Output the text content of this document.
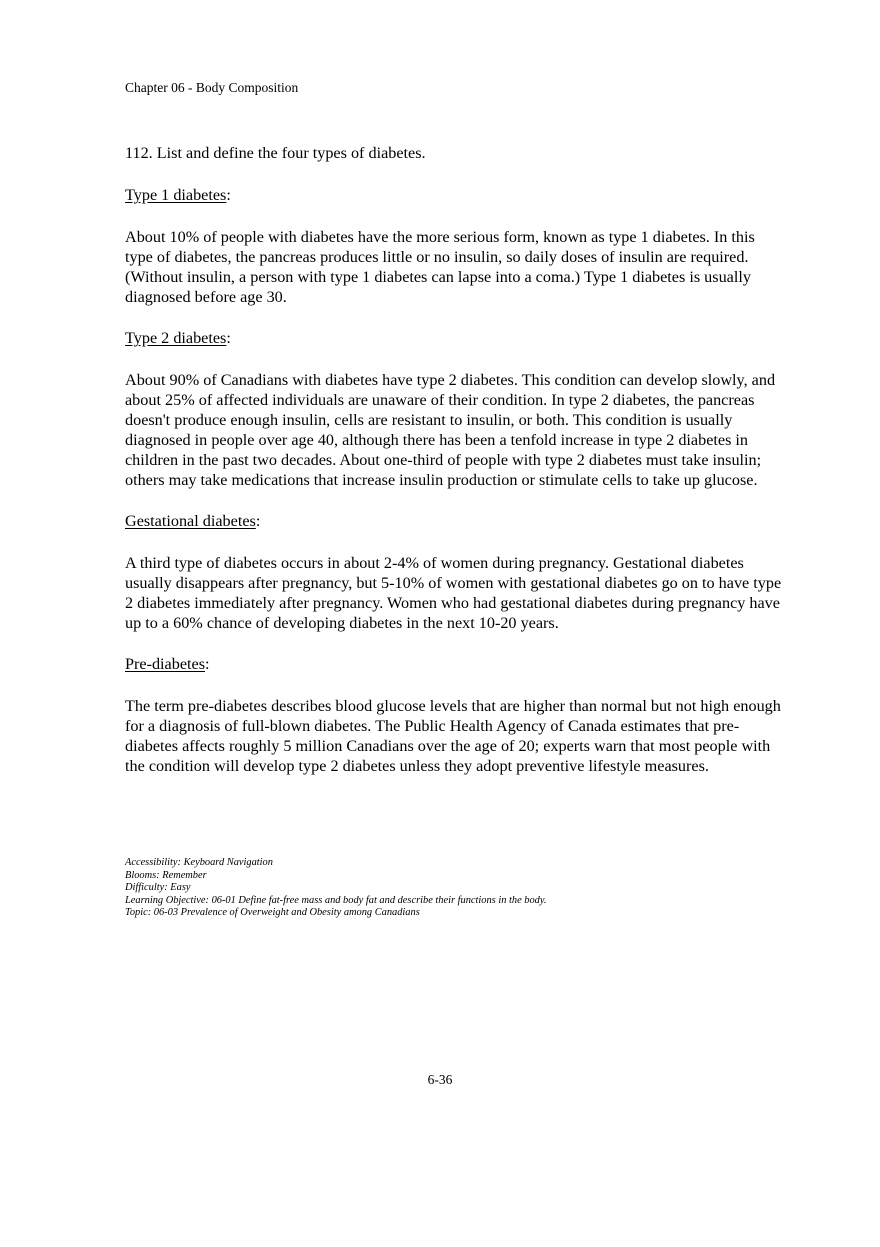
Chapter 06 - Body Composition
112. List and define the four types of diabetes.
Type 1 diabetes:
About 10% of people with diabetes have the more serious form, known as type 1 diabetes. In this type of diabetes, the pancreas produces little or no insulin, so daily doses of insulin are required. (Without insulin, a person with type 1 diabetes can lapse into a coma.) Type 1 diabetes is usually diagnosed before age 30.
Type 2 diabetes:
About 90% of Canadians with diabetes have type 2 diabetes. This condition can develop slowly, and about 25% of affected individuals are unaware of their condition. In type 2 diabetes, the pancreas doesn't produce enough insulin, cells are resistant to insulin, or both. This condition is usually diagnosed in people over age 40, although there has been a tenfold increase in type 2 diabetes in children in the past two decades. About one-third of people with type 2 diabetes must take insulin; others may take medications that increase insulin production or stimulate cells to take up glucose.
Gestational diabetes:
A third type of diabetes occurs in about 2-4% of women during pregnancy. Gestational diabetes usually disappears after pregnancy, but 5-10% of women with gestational diabetes go on to have type 2 diabetes immediately after pregnancy. Women who had gestational diabetes during pregnancy have up to a 60% chance of developing diabetes in the next 10-20 years.
Pre-diabetes:
The term pre-diabetes describes blood glucose levels that are higher than normal but not high enough for a diagnosis of full-blown diabetes. The Public Health Agency of Canada estimates that pre-diabetes affects roughly 5 million Canadians over the age of 20; experts warn that most people with the condition will develop type 2 diabetes unless they adopt preventive lifestyle measures.
Accessibility: Keyboard Navigation
Blooms: Remember
Difficulty: Easy
Learning Objective: 06-01 Define fat-free mass and body fat and describe their functions in the body.
Topic: 06-03 Prevalence of Overweight and Obesity among Canadians
6-36
